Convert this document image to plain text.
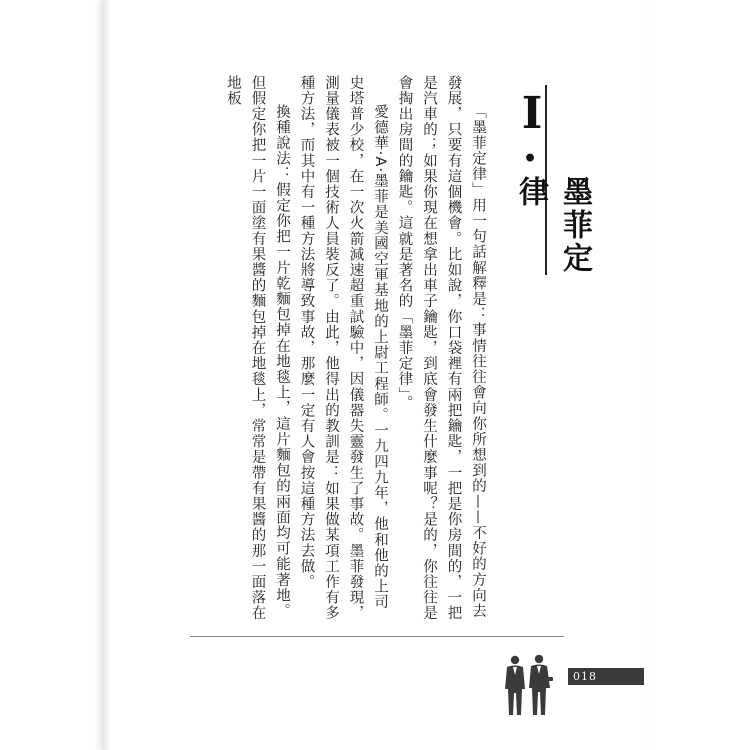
I
•
墨菲定律

「墨菲定律」用一句話解釋是：事情往往會向你所想到的——不好的方向去發展，只要有這個機會。比如說，你口袋裡有兩把鑰匙，一把是你房間的，一把是汽車的；如果你現在想拿出車子鑰匙，到底會發生什麼事呢？是的，你往往是會掏出房間的鑰匙。這就是著名的「墨菲定律」。

愛德華·A·墨菲是美國空軍基地的上尉工程師。一九四九年，他和他的上司史塔普少校，在一次火箭減速超重試驗中，因儀器失靈發生了事故。墨菲發現，測量儀表被一個技術人員裝反了。由此，他得出的教訓是：如果做某項工作有多種方法，而其中有一種方法將導致事故，那麼一定有人會按這種方法去做。

換種說法：假定你把一片乾麵包掉在地毯上，這片麵包的兩面均可能著地。但假定你把一片一面塗有果醬的麵包掉在地毯上，常常是帶有果醬的那一面落在地板

018
